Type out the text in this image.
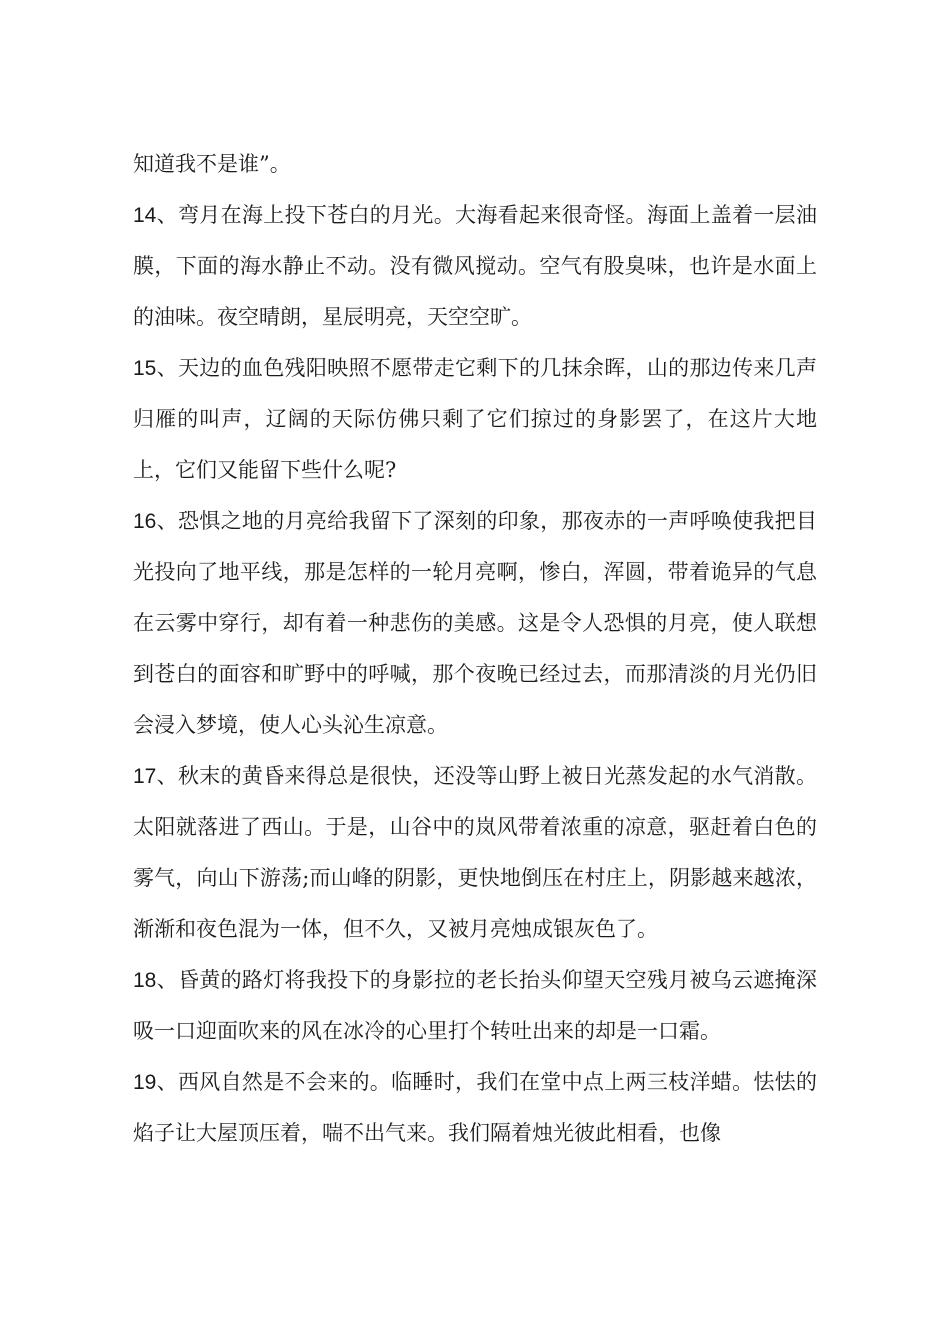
知道我不是谁”。

14、弯月在海上投下苍白的月光。大海看起来很奇怪。海面上盖着一层油膜，下面的海水静止不动。没有微风搅动。空气有股臭味，也许是水面上的油味。夜空晴朗，星辰明亮，天空空旷。

15、天边的血色残阳映照不愿带走它剩下的几抹余晖，山的那边传来几声归雁的叫声，辽阔的天际仿佛只剩了它们掠过的身影罢了，在这片大地上，它们又能留下些什么呢?

16、恐惧之地的月亮给我留下了深刻的印象，那夜赤的一声呼唤使我把目光投向了地平线，那是怎样的一轮月亮啊，惨白，浑圆，带着诡异的气息在云雾中穿行，却有着一种悲伤的美感。这是令人恐惧的月亮，使人联想到苍白的面容和旷野中的呼喊，那个夜晚已经过去，而那清淡的月光仍旧会浸入梦境，使人心头沁生凉意。

17、秋末的黄昏来得总是很快，还没等山野上被日光蒸发起的水气消散。太阳就落进了西山。于是，山谷中的岚风带着浓重的凉意，驱赶着白色的雾气，向山下游荡;而山峰的阴影，更快地倒压在村庄上，阴影越来越浓，渐渐和夜色混为一体，但不久，又被月亮烛成银灰色了。

18、昏黄的路灯将我投下的身影拉的老长抬头仰望天空残月被乌云遮掩深吸一口迎面吹来的风在冰冷的心里打个转吐出来的却是一口霜。

19、西风自然是不会来的。临睡时，我们在堂中点上两三枝洋蜡。怯怯的焰子让大屋顶压着，喘不出气来。我们隔着烛光彼此相看，也像
